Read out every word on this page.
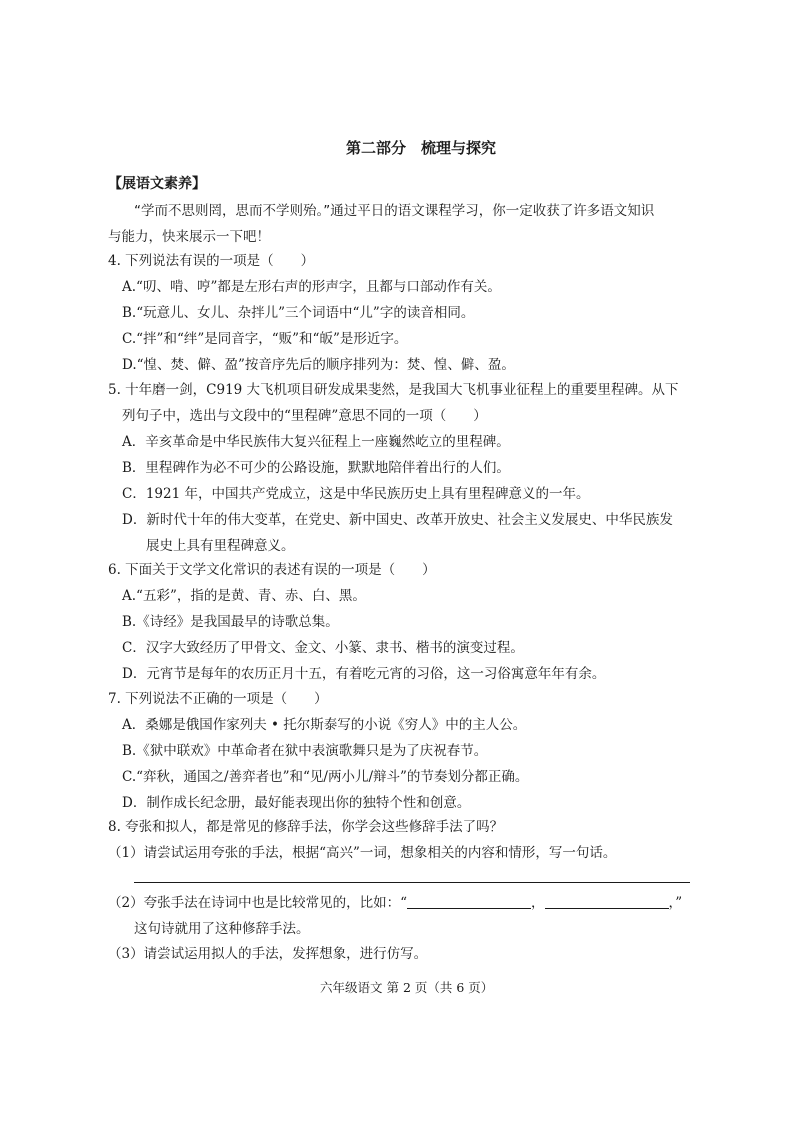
第二部分　梳理与探究
【展语文素养】
“学而不思则罔，思而不学则殆。”通过平日的语文课程学习，你一定收获了许多语文知识
与能力，快来展示一下吧！
4. 下列说法有误的一项是（　　）
A.“叨、啃、哼”都是左形右声的形声字，且都与口部动作有关。
B.“玩意儿、女儿、杂拌儿”三个词语中“儿”字的读音相同。
C.“拌”和“绊”是同音字，“贩”和“皈”是形近字。
D.“惶、焚、僻、盈”按音序先后的顺序排列为：焚、惶、僻、盈。
5. 十年磨一剑，C919 大飞机项目研发成果斐然，是我国大飞机事业征程上的重要里程碑。从下
列句子中，选出与文段中的“里程碑”意思不同的一项（　　）
A．辛亥革命是中华民族伟大复兴征程上一座巍然屹立的里程碑。
B．里程碑作为必不可少的公路设施，默默地陪伴着出行的人们。
C．1921 年，中国共产党成立，这是中华民族历史上具有里程碑意义的一年。
D．新时代十年的伟大变革，在党史、新中国史、改革开放史、社会主义发展史、中华民族发
展史上具有里程碑意义。
6. 下面关于文学文化常识的表述有误的一项是（　　）
A.“五彩”，指的是黄、青、赤、白、黑。
B.《诗经》是我国最早的诗歌总集。
C．汉字大致经历了甲骨文、金文、小篆、隶书、楷书的演变过程。
D．元宵节是每年的农历正月十五，有着吃元宵的习俗，这一习俗寓意年年有余。
7. 下列说法不正确的一项是（　　）
A．桑娜是俄国作家列夫 • 托尔斯泰写的小说《穷人》中的主人公。
B.《狱中联欢》中革命者在狱中表演歌舞只是为了庆祝春节。
C.“弈秋，通国之/善弈者也”和“见/两小儿/辩斗”的节奏划分都正确。
D．制作成长纪念册，最好能表现出你的独特个性和创意。
8. 夸张和拟人，都是常见的修辞手法，你学会这些修辞手法了吗？
（1）请尝试运用夸张的手法，根据“高兴”一词，想象相关的内容和情形，写一句话。
（2）夸张手法在诗词中也是比较常见的，比如：“	，	，”
这句诗就用了这种修辞手法。
（3）请尝试运用拟人的手法，发挥想象，进行仿写。
六年级语文 第 2 页（共 6 页）
